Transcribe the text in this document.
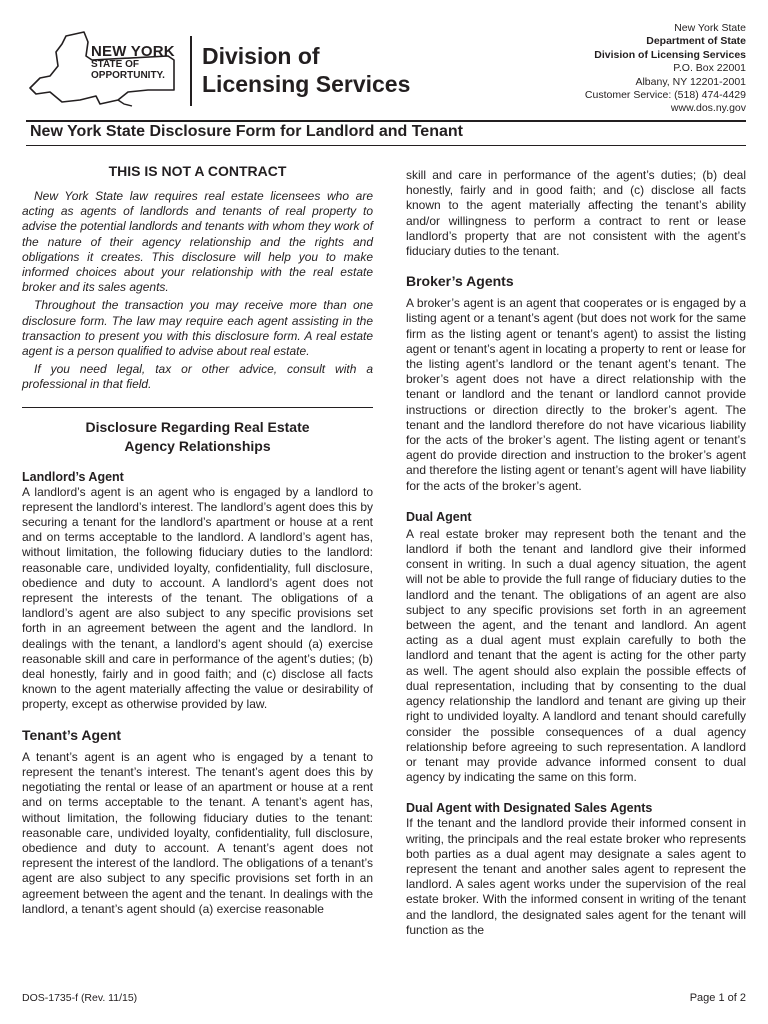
NEW YORK
STATE OF
OPPORTUNITY.
Division of
Licensing Services
New York State
Department of State
Division of Licensing Services
P.O. Box 22001
Albany, NY 12201-2001
Customer Service: (518) 474-4429
www.dos.ny.gov
New York State Disclosure Form for Landlord and Tenant
THIS IS NOT A CONTRACT

New York State law requires real estate licensees who are acting as agents of landlords and tenants of real property to advise the potential landlords and tenants with whom they work of the nature of their agency relationship and the rights and obligations it creates. This disclosure will help you to make informed choices about your relationship with the real estate broker and its sales agents.

Throughout the transaction you may receive more than one disclosure form. The law may require each agent assisting in the transaction to present you with this disclosure form. A real estate agent is a person qualified to advise about real estate.

If you need legal, tax or other advice, consult with a professional in that field.

Disclosure Regarding Real Estate
Agency Relationships
Landlord’s Agent

A landlord’s agent is an agent who is engaged by a landlord to represent the landlord’s interest. The landlord’s agent does this by securing a tenant for the landlord’s apartment or house at a rent and on terms acceptable to the landlord. A landlord’s agent has, without limitation, the following fiduciary duties to the landlord: reasonable care, undivided loyalty, confidentiality, full disclosure, obedience and duty to account. A landlord’s agent does not represent the interests of the tenant. The obligations of a landlord’s agent are also subject to any specific provisions set forth in an agreement between the agent and the landlord. In dealings with the tenant, a landlord’s agent should (a) exercise reasonable skill and care in performance of the agent’s duties; (b) deal honestly, fairly and in good faith; and (c) disclose all facts known to the agent materially affecting the value or desirability of property, except as otherwise provided by law.

Tenant’s Agent

A tenant’s agent is an agent who is engaged by a tenant to represent the tenant’s interest. The tenant’s agent does this by negotiating the rental or lease of an apartment or house at a rent and on terms acceptable to the tenant. A tenant’s agent has, without limitation, the following fiduciary duties to the tenant: reasonable care, undivided loyalty, confidentiality, full disclosure, obedience and duty to account. A tenant’s agent does not represent the interest of the landlord. The obligations of a tenant’s agent are also subject to any specific provisions set forth in an agreement between the agent and the tenant. In dealings with the landlord, a tenant’s agent should (a) exercise reasonable

skill and care in performance of the agent’s duties; (b) deal honestly, fairly and in good faith; and (c) disclose all facts known to the agent materially affecting the tenant’s ability and/or willingness to perform a contract to rent or lease landlord’s property that are not consistent with the agent’s fiduciary duties to the tenant.

Broker’s Agents

A broker’s agent is an agent that cooperates or is engaged by a listing agent or a tenant’s agent (but does not work for the same firm as the listing agent or tenant’s agent) to assist the listing agent or tenant’s agent in locating a property to rent or lease for the listing agent’s landlord or the tenant agent’s tenant. The broker’s agent does not have a direct relationship with the tenant or landlord and the tenant or landlord cannot provide instructions or direction directly to the broker’s agent. The tenant and the landlord therefore do not have vicarious liability for the acts of the broker’s agent. The listing agent or tenant’s agent do provide direction and instruction to the broker’s agent and therefore the listing agent or tenant’s agent will have liability for the acts of the broker’s agent.

Dual Agent

A real estate broker may represent both the tenant and the landlord if both the tenant and landlord give their informed consent in writing. In such a dual agency situation, the agent will not be able to provide the full range of fiduciary duties to the landlord and the tenant. The obligations of an agent are also subject to any specific provisions set forth in an agreement between the agent, and the tenant and landlord. An agent acting as a dual agent must explain carefully to both the landlord and tenant that the agent is acting for the other party as well. The agent should also explain the possible effects of dual representation, including that by consenting to the dual agency relationship the landlord and tenant are giving up their right to undivided loyalty. A landlord and tenant should carefully consider the possible consequences of a dual agency relationship before agreeing to such representation. A landlord or tenant may provide advance informed consent to dual agency by indicating the same on this form.

Dual Agent with Designated Sales Agents

If the tenant and the landlord provide their informed consent in writing, the principals and the real estate broker who represents both parties as a dual agent may designate a sales agent to represent the tenant and another sales agent to represent the landlord. A sales agent works under the supervision of the real estate broker. With the informed consent in writing of the tenant and the landlord, the designated sales agent for the tenant will function as the

DOS-1735-f (Rev. 11/15)	Page 1 of 2
